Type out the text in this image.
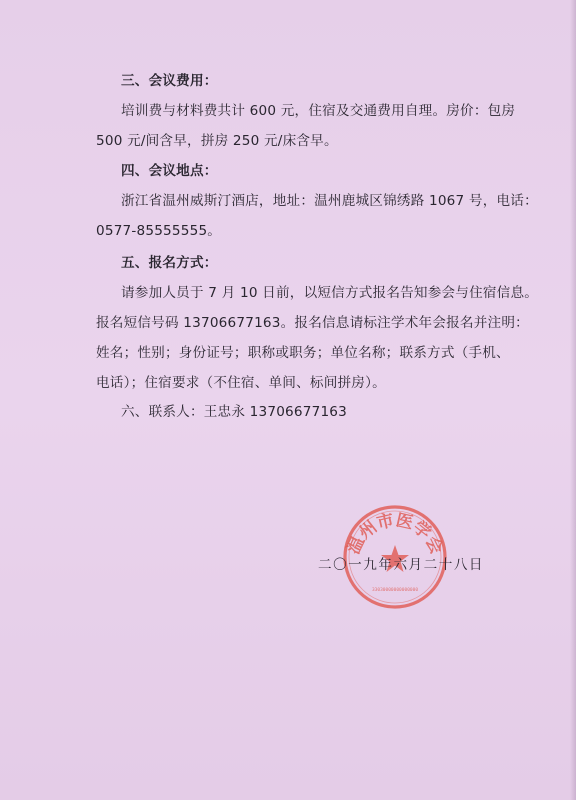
三、会议费用：
培训费与材料费共计 600 元，住宿及交通费用自理。房价：包房
500 元/间含早，拼房 250 元/床含早。
四、会议地点：
浙江省温州威斯汀酒店，地址：温州鹿城区锦绣路 1067 号，电话：
0577-85555555。
五、报名方式：
请参加人员于 7 月 10 日前，以短信方式报名告知参会与住宿信息。
报名短信号码 13706677163。报名信息请标注学术年会报名并注明：
姓名；性别；身份证号；职称或职务；单位名称；联系方式（手机、
电话）；住宿要求（不住宿、单间、标间拼房）。
六、联系人：王忠永 13706677163
温州市医学会
33030000000000000
二〇一九年六月二十八日
